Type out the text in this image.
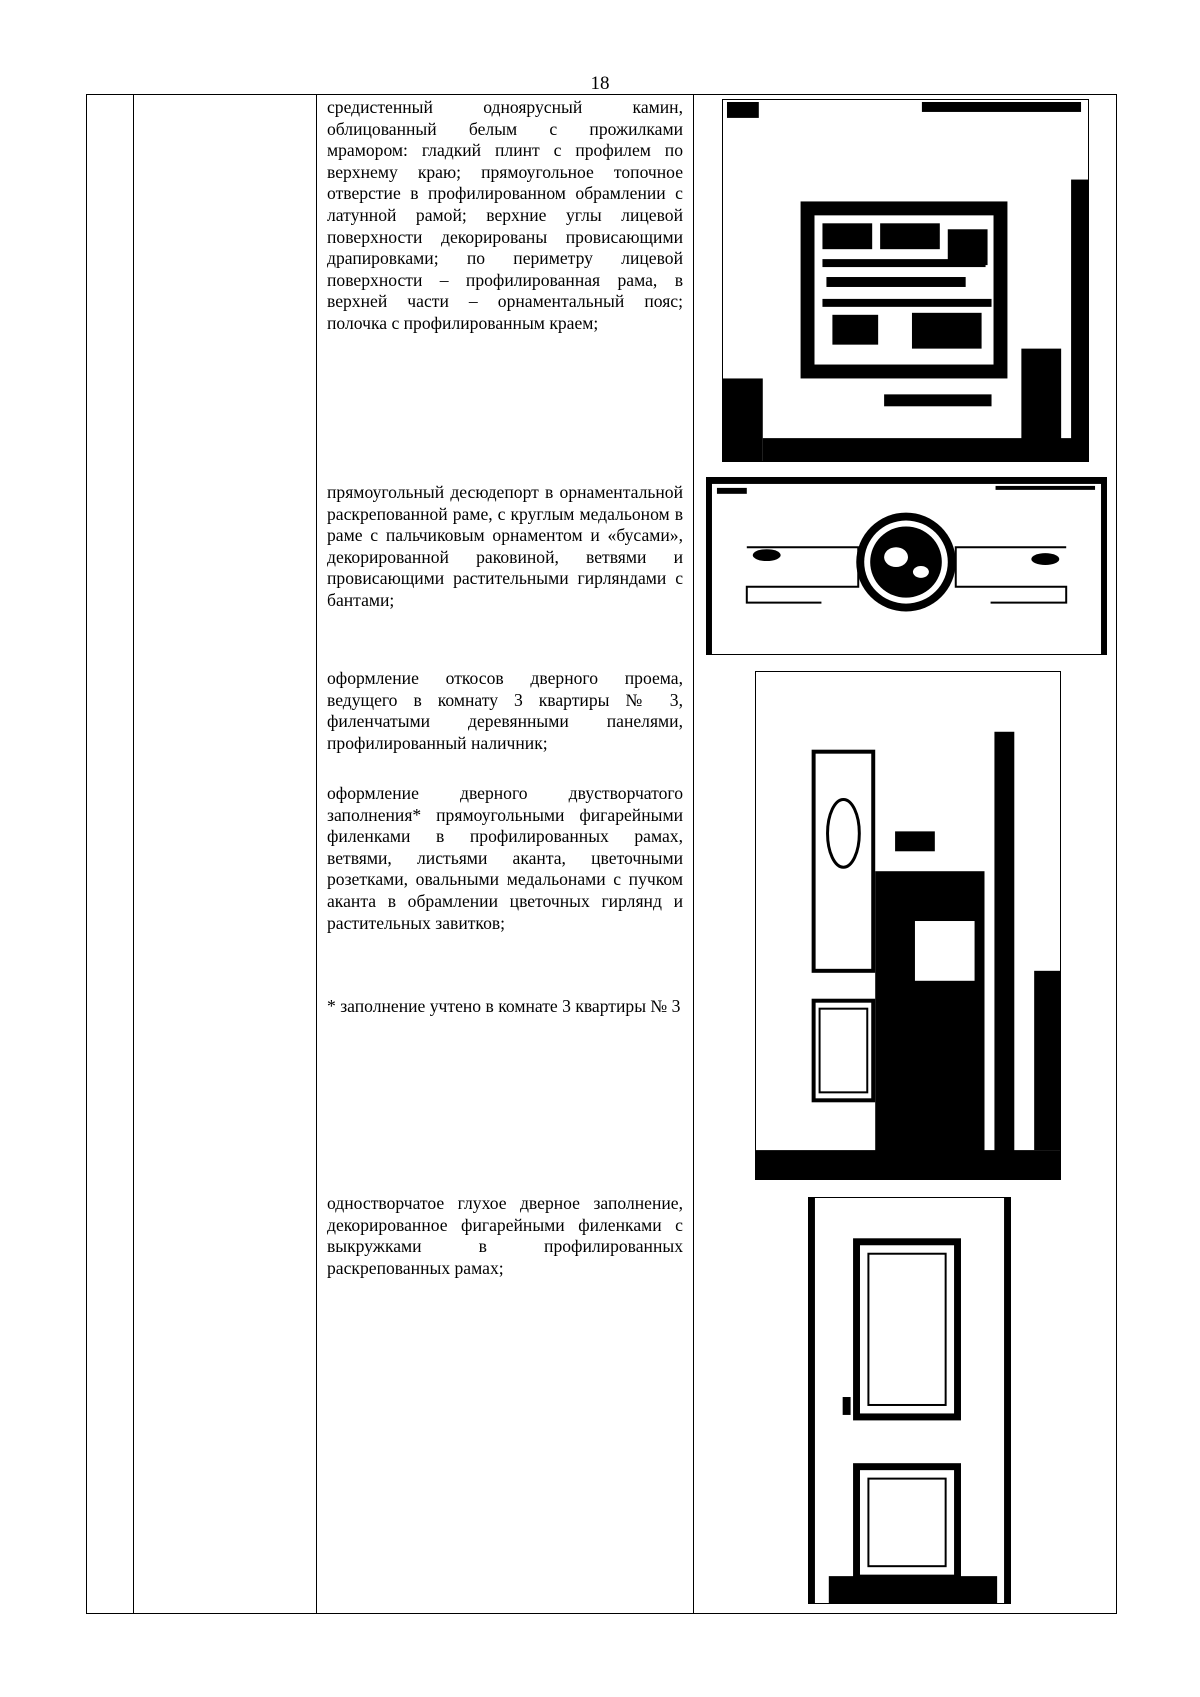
18

средистенный одноярусный камин, облицованный белым с прожилками мрамором: гладкий плинт с профилем по верхнему краю; прямоугольное топочное отверстие в профилированном обрамлении с латунной рамой; верхние углы лицевой поверхности декорированы провисающими драпировками; по периметру лицевой поверхности – профилированная рама, в верхней части – орнаментальный пояс; полочка с профилированным краем;

прямоугольный десюдепорт в орнаментальной раскрепованной раме, с круглым медальоном в раме с пальчиковым орнаментом и «бусами», декорированной раковиной, ветвями и провисающими растительными гирляндами с бантами;

оформление откосов дверного проема, ведущего в комнату 3 квартиры № 3, филенчатыми деревянными панелями, профилированный наличник;

оформление дверного двустворчатого заполнения* прямоугольными фигарейными филенками в профилированных рамах, ветвями, листьями аканта, цветочными розетками, овальными медальонами с пучком аканта в обрамлении цветочных гирлянд и растительных завитков;

* заполнение учтено в комнате 3 квартиры № 3

одностворчатое глухое дверное заполнение, декорированное фигарейными филенками с выкружками в профилированных раскрепованных рамах;
